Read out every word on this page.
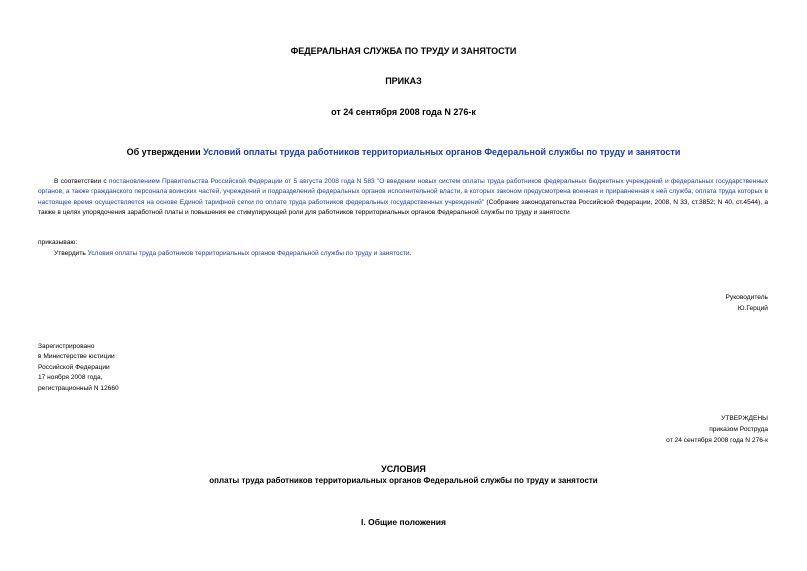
ФЕДЕРАЛЬНАЯ СЛУЖБА ПО ТРУДУ И ЗАНЯТОСТИ
ПРИКАЗ
от 24 сентября 2008 года N 276-к
Об утверждении Условий оплаты труда работников территориальных органов Федеральной службы по труду и занятости
В соответствии с постановлением Правительства Российской Федерации от 5 августа 2008 года N 583 "О введении новых систем оплаты труда работников федеральных бюджетных учреждений и федеральных государственных органов, а также гражданского персонала воинских частей, учреждений и подразделений федеральных органов исполнительной власти, в которых законом предусмотрена военная и приравненная к ней служба, оплата труда которых в настоящее время осуществляется на основе Единой тарифной сетки по оплате труда работников федеральных государственных учреждений" (Собрание законодательства Российской Федерации, 2008, N 33, ст.3852; N 40, ст.4544), а также в целях упорядочения заработной платы и повышения ее стимулирующей роли для работников территориальных органов Федеральной службы по труду и занятости
приказываю:
Утвердить Условия оплаты труда работников территориальных органов Федеральной службы по труду и занятости.
Руководитель
Ю.Герций
Зарегистрировано
в Министерстве юстиции
Российской Федерации
17 ноября 2008 года,
регистрационный N 12660
УТВЕРЖДЕНЫ
приказом Роструда
от 24 сентября 2008 года N 276-к
УСЛОВИЯ
оплаты труда работников территориальных органов Федеральной службы по труду и занятости
I. Общие положения
